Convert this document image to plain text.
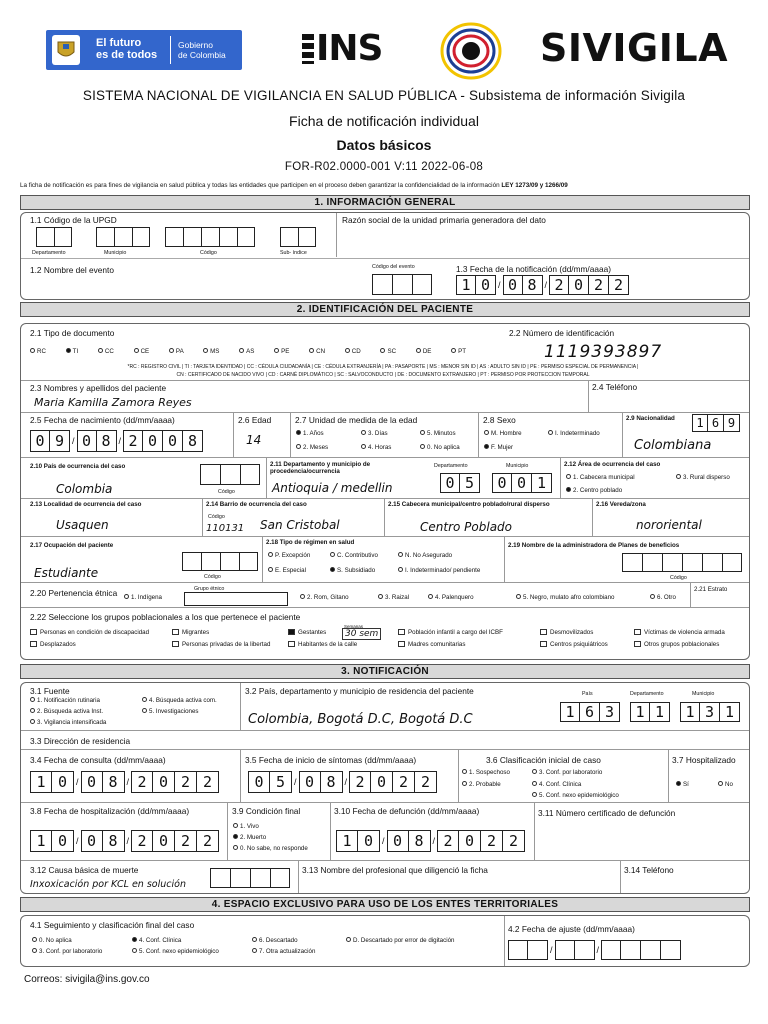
El futuro
es de todos
Gobierno
de Colombia	INS	SIVIGILA
SISTEMA NACIONAL DE VIGILANCIA EN SALUD PÚBLICA - Subsistema de información Sivigila
Ficha de notificación individual
Datos básicos
FOR-R02.0000-001 V:11 2022-06-08
La ficha de notificación es para fines de vigilancia en salud pública y todas las entidades que participen en el proceso deben garantizar la confidencialidad de la información LEY 1273/09 y 1266/09
1. INFORMACIÓN GENERAL
1.1 Código de la UPGD
Departamento	Municipio	Código	Sub- índice
Razón social de la unidad primaria generadora del dato
1.2 Nombre del evento	Código del evento	1.3 Fecha de la notificación (dd/mm/aaaa)
1 0 / 0 8 / 2 0 2 2
2. IDENTIFICACIÓN DEL PACIENTE
2.1 Tipo de documento
RC	TI	CC	CE	PA	MS	AS	PE	CN	CD	SC	DE	PT
2.2 Número de identificación
1119393897
*RC : REGISTRO CIVIL | TI : TARJETA IDENTIDAD | CC : CÉDULA CIUDADANÍA | CE : CÉDULA EXTRANJERÍA | PA : PASAPORTE | MS : MENOR SIN ID | AS : ADULTO SIN ID | PE : PERMISO ESPECIAL DE PERMANENCIA |
CN : CERTIFICADO DE NACIDO VIVO | CD : CARNÉ DIPLOMÁTICO | SC : SALVOCONDUCTO | DE : DOCUMENTO EXTRANJERO | PT : PERMISO POR PROTECCION TEMPORAL
2.3 Nombres y apellidos del paciente
Maria Kamilla Zamora Reyes
2.4 Teléfono
2.5 Fecha de nacimiento (dd/mm/aaaa)
0 9 / 0 8 / 2 0 0 8
2.6 Edad
14
2.7 Unidad de medida de la edad
1. Años	3. Días	5. Minutos
2. Meses	4. Horas	0. No aplica
2.8 Sexo
M. Hombre	I. Indeterminado
F. Mujer
2.9 Nacionalidad	1 6 9
Colombiana
2.10 País de ocurrencia del caso
Colombia	Código
2.11 Departamento y municipio de procedencia/ocurrencia
Antioquia / medellin
Departamento	Municipio
0 5	0 0 1
2.12 Área de ocurrencia del caso
1. Cabecera municipal	3. Rural disperso
2. Centro poblado
2.13 Localidad de ocurrencia del caso
Usaquen
2.14 Barrio de ocurrencia del caso
Código
110131 San Cristobal
2.15 Cabecera municipal/centro poblado/rural disperso
Centro Poblado
2.16 Vereda/zona
nororiental
2.17 Ocupación del paciente
Estudiante	Código
2.18 Tipo de régimen en salud
P. Excepción	C. Contributivo	N. No Asegurado
E. Especial	S. Subsidiado	I. Indeterminado/ pendiente
2.19 Nombre de la administradora de Planes de beneficios
Código
2.20 Pertenencia étnica	Grupo étnico
1. Indígena	2. Rom, Gitano	3. Raizal	4. Palenquero	5. Negro, mulato afro colombiano	6. Otro
2.21 Estrato
2.22 Seleccione los grupos poblacionales a los que pertenece el paciente
Personas en condición de discapacidad	Migrantes	Gestantes
Semanas
30 sem	Población infantil a cargo del ICBF	Desmovilizados	Víctimas de violencia armada
Desplazados	Personas privadas de la libertad	Habitantes de la calle	Madres comunitarias	Centros psiquiátricos	Otros grupos poblacionales
3. NOTIFICACIÓN
3.1 Fuente
1. Notificación rutinaria	4. Búsqueda activa com.
2. Búsqueda activa Inst.	5. Investigaciones
3. Vigilancia intensificada
3.2 País, departamento y municipio de residencia del paciente
Colombia, Bogotá D.C, Bogotá D.C
País	Departamento	Municipio
1 6 3	1 1	1 3 1
3.3 Dirección de residencia
3.4 Fecha de consulta (dd/mm/aaaa)
1 0 / 0 8 / 2 0 2 2
3.5 Fecha de inicio de síntomas (dd/mm/aaaa)
0 5 / 0 8 / 2 0 2 2
3.6 Clasificación inicial de caso
1. Sospechoso	3. Conf. por laboratorio
2. Probable	4. Conf. Clínica
5. Conf. nexo epidemiológico
3.7 Hospitalizado
Sí	No
3.8 Fecha de hospitalización (dd/mm/aaaa)
1 0 / 0 8 / 2 0 2 2
3.9 Condición final
1. Vivo
2. Muerto
0. No sabe, no responde
3.10 Fecha de defunción (dd/mm/aaaa)
1 0 / 0 8 / 2 0 2 2
3.11 Número certificado de defunción
3.12 Causa básica de muerte
Inxoxicación por KCL en solución
3.13 Nombre del profesional que diligenció la ficha	3.14 Teléfono
4. ESPACIO EXCLUSIVO PARA USO DE LOS ENTES TERRITORIALES
4.1 Seguimiento y clasificación final del caso
0. No aplica	4. Conf. Clínica	6. Descartado	D. Descartado por error de digitación
3. Conf. por laboratorio	5. Conf. nexo epidemiológico	7. Otra actualización
4.2 Fecha de ajuste (dd/mm/aaaa)
/	/
Correos: sivigila@ins.gov.co
